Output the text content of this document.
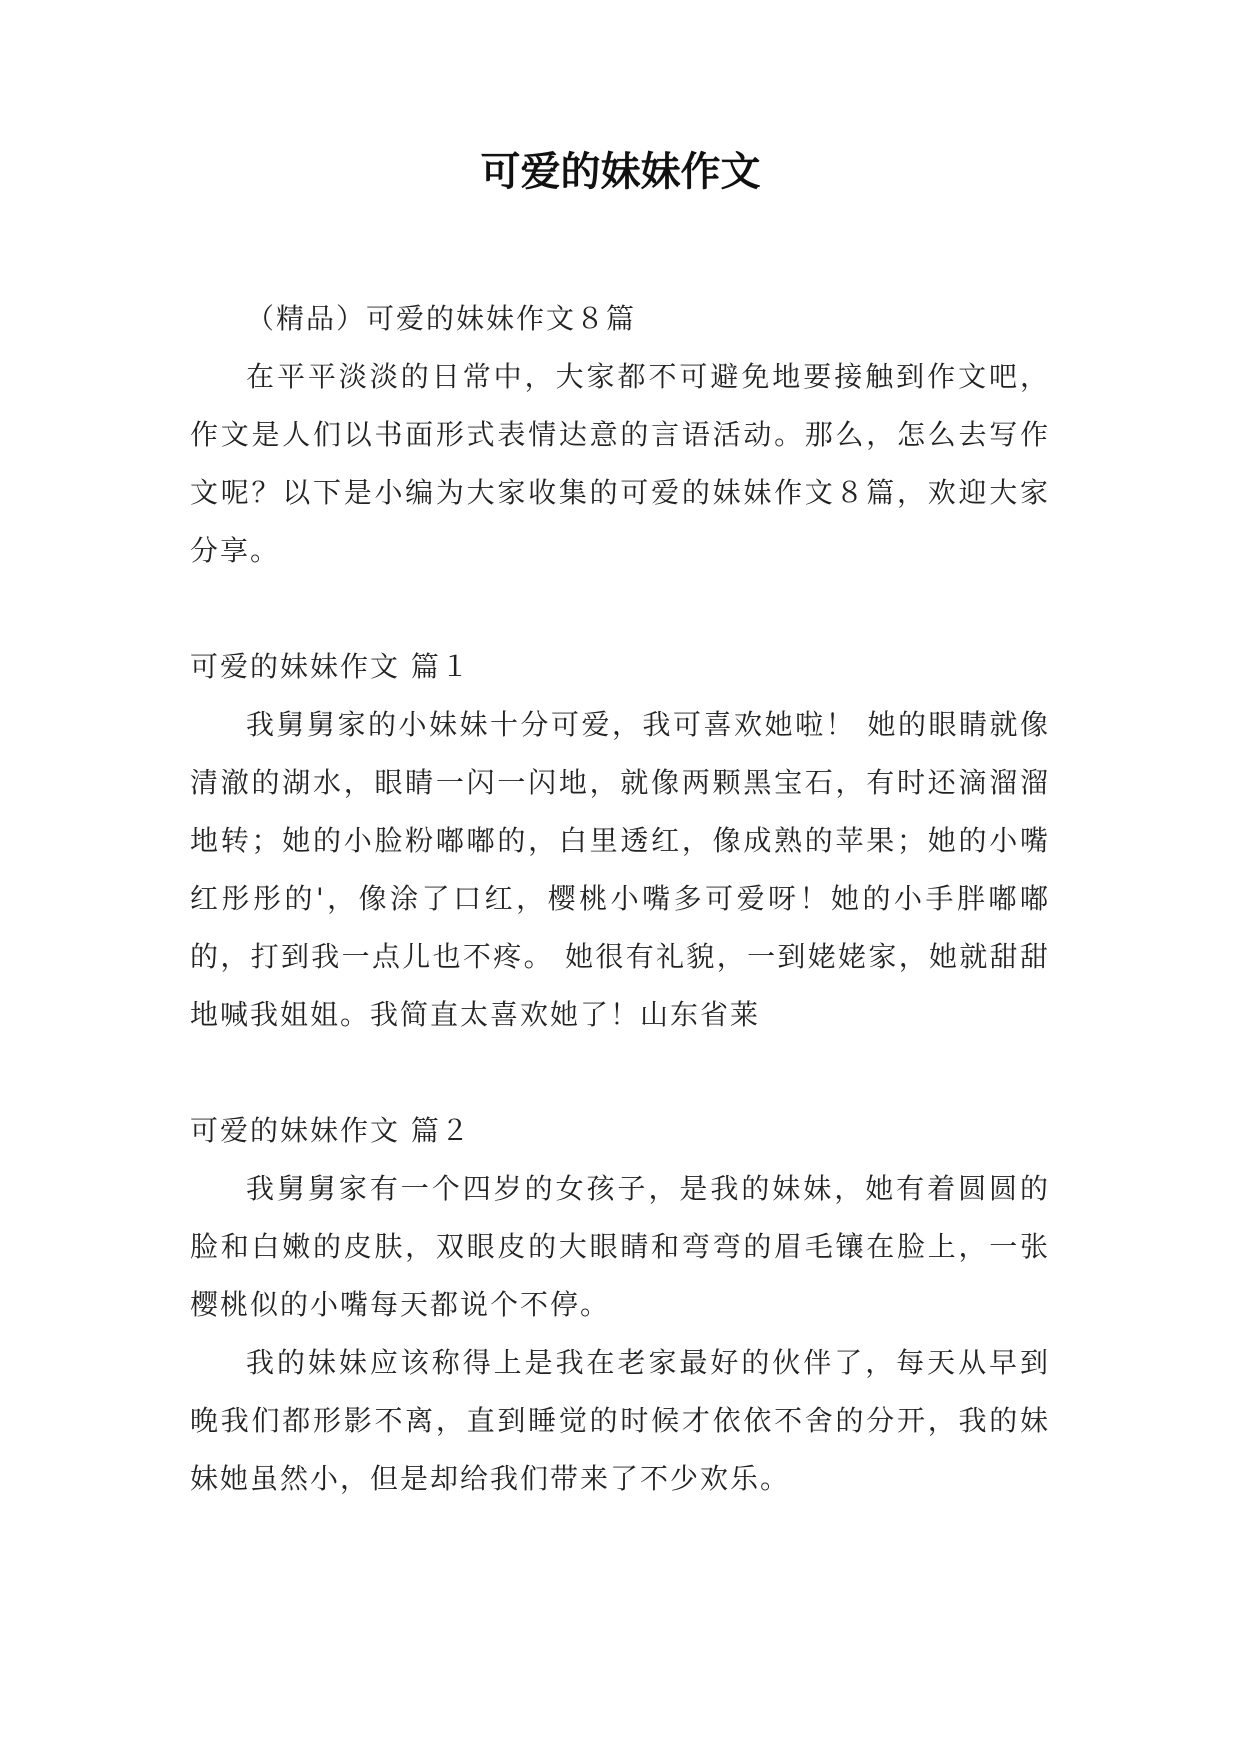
可爱的妹妹作文

（精品）可爱的妹妹作文８篇

在平平淡淡的日常中，大家都不可避免地要接触到作文吧，作文是人们以书面形式表情达意的言语活动。那么，怎么去写作文呢？以下是小编为大家收集的可爱的妹妹作文８篇，欢迎大家分享。

可爱的妹妹作文 篇１

我舅舅家的小妹妹十分可爱，我可喜欢她啦！ 她的眼睛就像清澈的湖水，眼睛一闪一闪地，就像两颗黑宝石，有时还滴溜溜地转；她的小脸粉嘟嘟的，白里透红，像成熟的苹果；她的小嘴红彤彤的'，像涂了口红，樱桃小嘴多可爱呀！她的小手胖嘟嘟的，打到我一点儿也不疼。 她很有礼貌，一到姥姥家，她就甜甜地喊我姐姐。我简直太喜欢她了！山东省莱

可爱的妹妹作文 篇２

我舅舅家有一个四岁的女孩子，是我的妹妹，她有着圆圆的脸和白嫩的皮肤，双眼皮的大眼睛和弯弯的眉毛镶在脸上，一张樱桃似的小嘴每天都说个不停。

我的妹妹应该称得上是我在老家最好的伙伴了，每天从早到晚我们都形影不离，直到睡觉的时候才依依不舍的分开，我的妹妹她虽然小，但是却给我们带来了不少欢乐。
